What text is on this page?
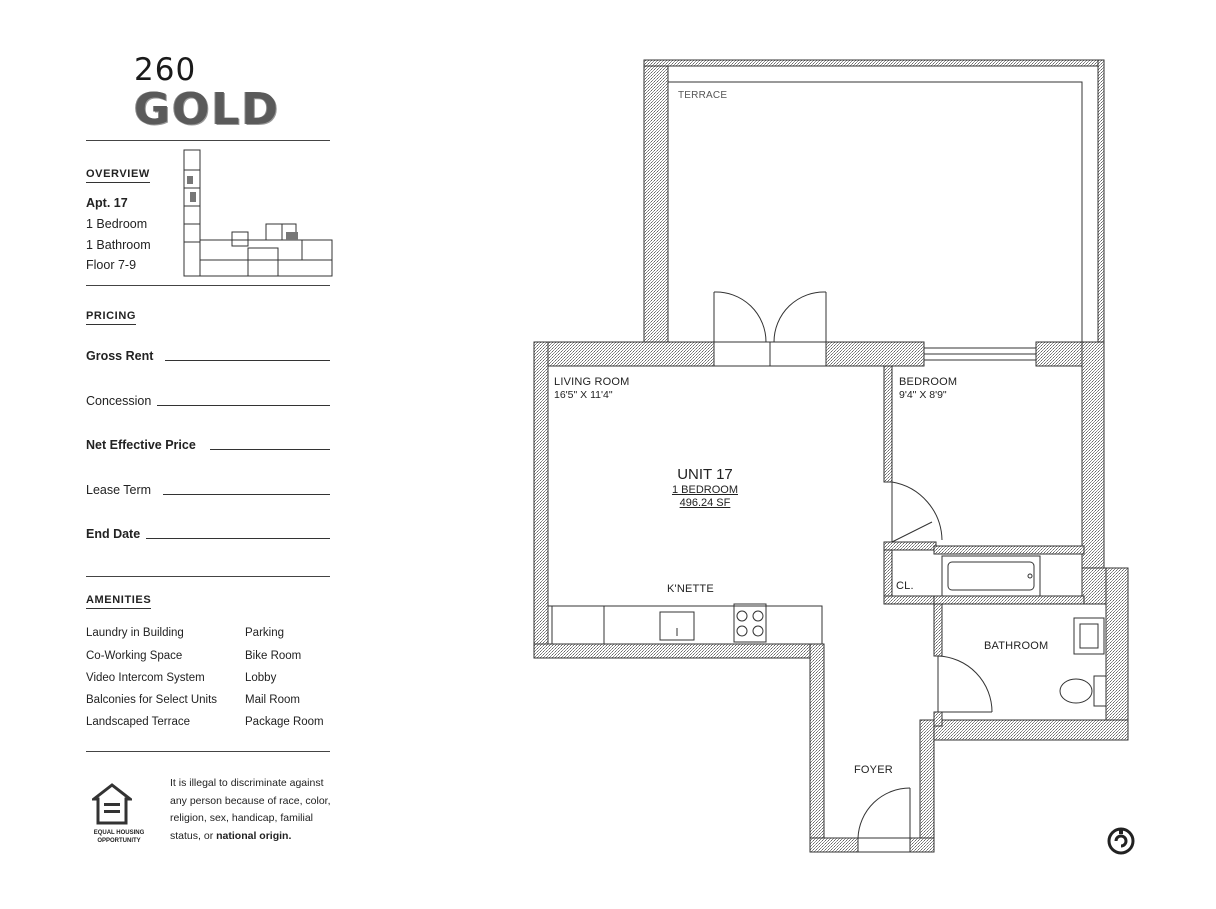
260
GOLD
OVERVIEW
Apt. 17
1 Bedroom
1 Bathroom
Floor 7-9
PRICING
Gross Rent
Concession
Net Effective Price
Lease Term
End Date
AMENITIES
Laundry in Building
Co-Working Space
Video Intercom System
Balconies for Select Units
Landscaped Terrace
Parking
Bike Room
Lobby
Mail Room
Package Room
EQUAL HOUSING OPPORTUNITY
It is illegal to discriminate against any person because of race, color, religion, sex, handicap, familial status, or national origin.
TERRACE
LIVING ROOM
16'5" X 11'4"
BEDROOM
9'4" X 8'9"
UNIT 17
1 BEDROOM
496.24 SF
K'NETTE	CL.
BATHROOM
FOYER
